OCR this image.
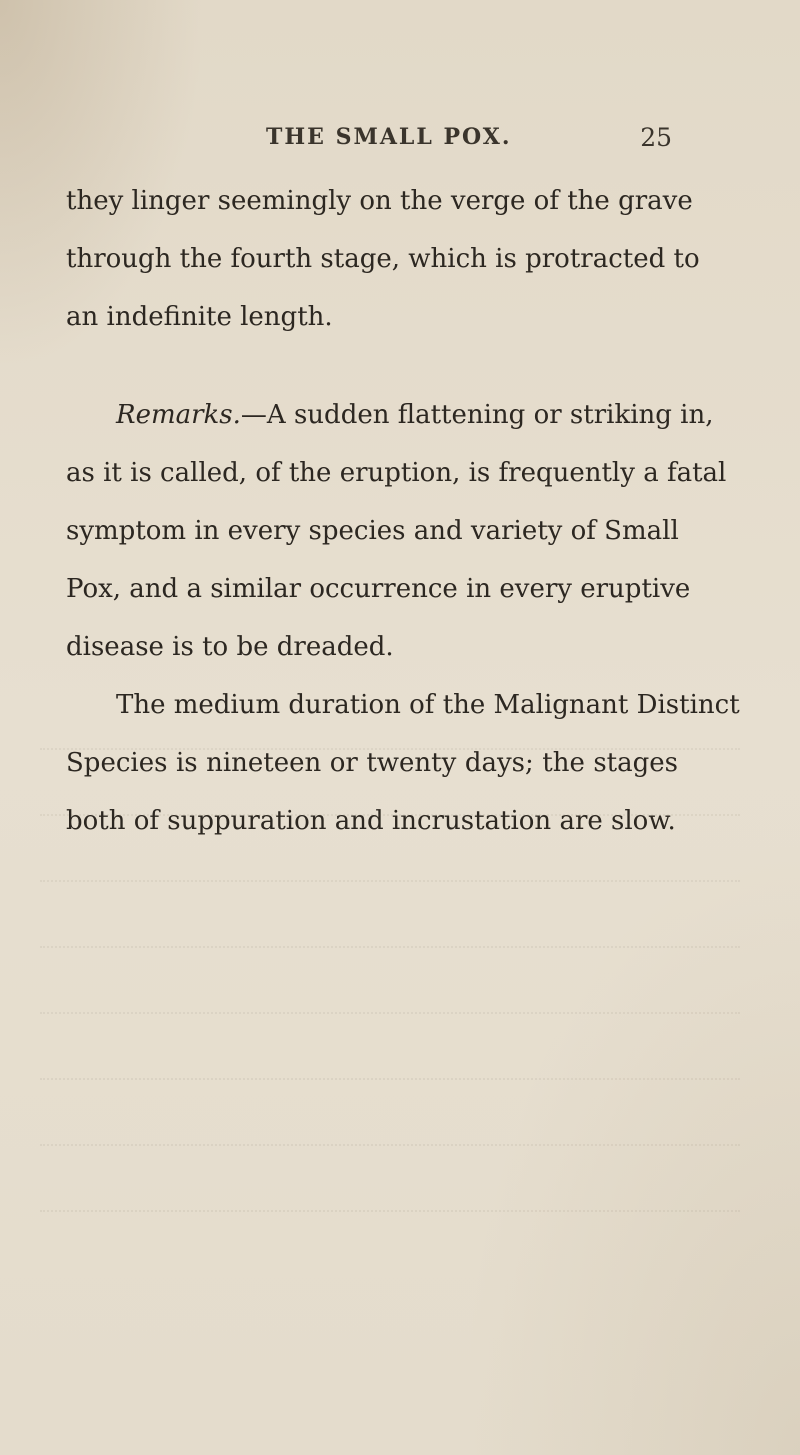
THE SMALL POX.	25
they linger seemingly on the verge of the grave
through the fourth stage, which is protracted to
an indefinite length.
Remarks.—A sudden flattening or striking in,
as it is called, of the eruption, is frequently a fatal
symptom in every species and variety of Small
Pox, and a similar occurrence in every eruptive
disease is to be dreaded.
The medium duration of the Malignant Distinct
Species is nineteen or twenty days; the stages
both of suppuration and incrustation are slow.
